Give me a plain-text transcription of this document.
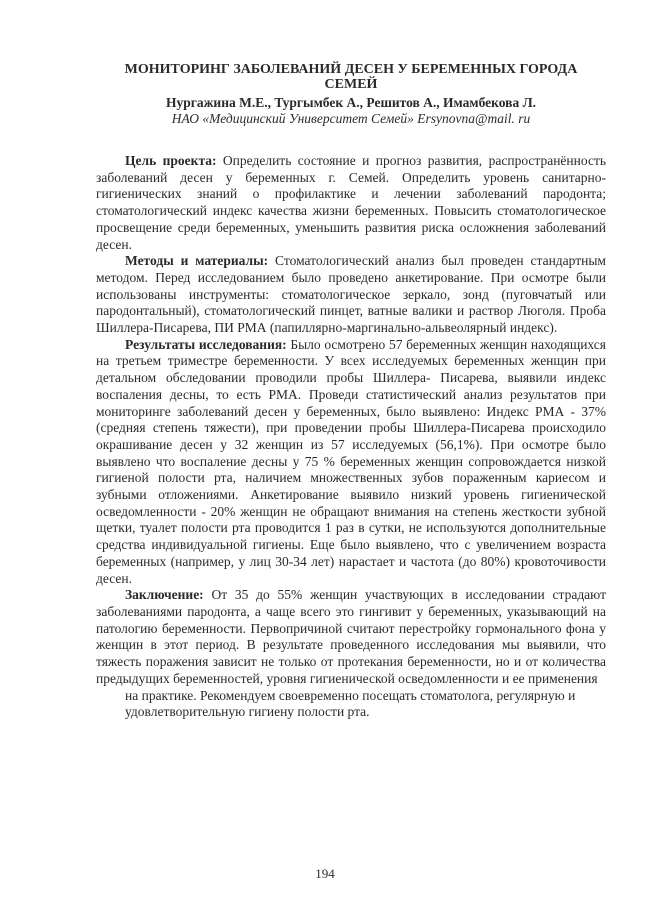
МОНИТОРИНГ ЗАБОЛЕВАНИЙ ДЕСЕН У БЕРЕМЕННЫХ ГОРОДА СЕМЕЙ

Нургажина М.Е., Тургымбек А., Решитов А., Имамбекова Л.

НАО «Медицинский Университет Семей» Ersynovna@mail. ru

Цель проекта: Определить состояние и прогноз развития, распространённость заболеваний десен у беременных г. Семей. Определить уровень санитарно-гигиенических знаний о профилактике и лечении заболеваний пародонта; стоматологический индекс качества жизни беременных. Повысить стоматологическое просвещение среди беременных, уменьшить развития риска осложнения заболеваний десен.

Методы и материалы: Стоматологический анализ был проведен стандартным методом. Перед исследованием было проведено анкетирование. При осмотре были использованы инструменты: стоматологическое зеркало, зонд (пуговчатый или пародонтальный), стоматологический пинцет, ватные валики и раствор Люголя. Проба Шиллера-Писарева, ПИ РМА (папиллярно-маргинально-альвеолярный индекс).

Результаты исследования: Было осмотрено 57 беременных женщин находящихся на третьем триместре беременности. У всех исследуемых беременных женщин при детальном обследовании проводили пробы Шиллера- Писарева, выявили индекс воспаления десны, то есть РМА. Проведи статистический анализ результатов при мониторинге заболеваний десен у беременных, было выявлено: Индекс РМА - 37% (средняя степень тяжести), при проведении пробы Шиллера-Писарева происходило окрашивание десен у 32 женщин из 57 исследуемых (56,1%). При осмотре было выявлено что воспаление десны у 75 % беременных женщин сопровождается низкой гигиеной полости рта, наличием множественных зубов пораженным кариесом и зубными отложениями. Анкетирование выявило низкий уровень гигиенической осведомленности - 20% женщин не обращают внимания на степень жесткости зубной щетки, туалет полости рта проводится 1 раз в сутки, не используются дополнительные средства индивидуальной гигиены. Еще было выявлено, что с увеличением возраста беременных (например, у лиц 30-34 лет) нарастает и частота (до 80%) кровоточивости десен.

Заключение: От 35 до 55% женщин участвующих в исследовании страдают заболеваниями пародонта, а чаще всего это гингивит у беременных, указывающий на патологию беременности. Первопричиной считают перестройку гормонального фона у женщин в этот период. В результате проведенного исследования мы выявили, что тяжесть поражения зависит не только от протекания беременности, но и от количества предыдущих беременностей, уровня гигиенической осведомленности и ее применения

на практике. Рекомендуем своевременно посещать стоматолога, регулярную и удовлетворительную гигиену полости рта.

194
